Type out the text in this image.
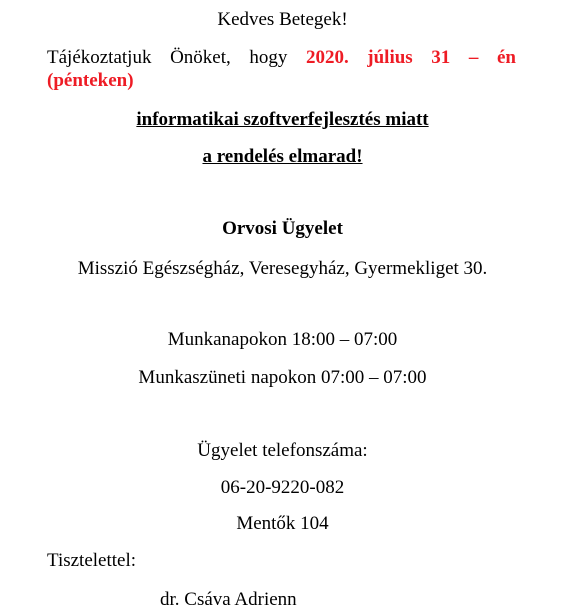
Kedves Betegek!
Tájékoztatjuk Önöket, hogy 2020. július 31 – én
(pénteken)
informatikai szoftverfejlesztés miatt
a rendelés elmarad!
Orvosi Ügyelet
Misszió Egészségház, Veresegyház, Gyermekliget 30.
Munkanapokon 18:00 – 07:00
Munkaszüneti napokon 07:00 – 07:00
Ügyelet telefonszáma:
06-20-9220-082
Mentők 104
Tisztelettel:
dr. Csáva Adrienn
